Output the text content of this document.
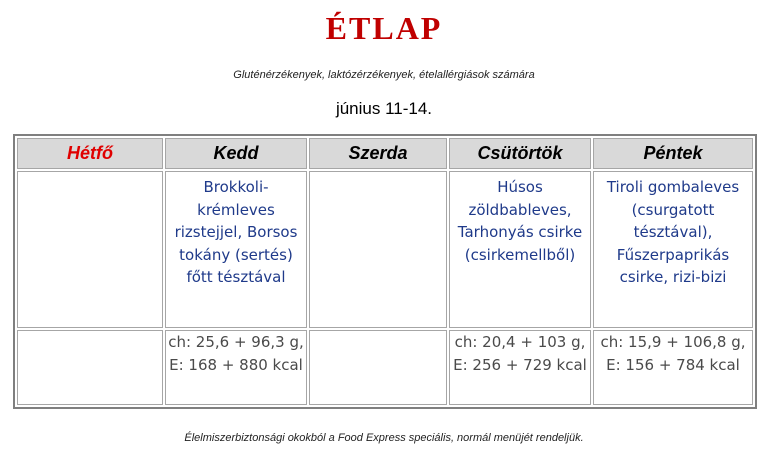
ÉTLAP
Gluténérzékenyek, laktózérzékenyek, ételallérgiások számára
június 11-14.
Hétfő	Kedd	Szerda	Csütörtök	Péntek

	Brokkoli-krémleves rizstejjel, Borsos tokány (sertés) főtt tésztával		Húsos zöldbableves, Tarhonyás csirke (csirkemellből)	Tiroli gombaleves (csurgatott tésztával), Fűszerpaprikás csirke, rizi-bizi

	ch: 25,6 + 96,3 g, E: 168 + 880 kcal		ch: 20,4 + 103 g, E: 256 + 729 kcal	ch: 15,9 + 106,8 g, E: 156 + 784 kcal
Élelmiszerbiztonsági okokból a Food Express speciális, normál menüjét rendeljük.
